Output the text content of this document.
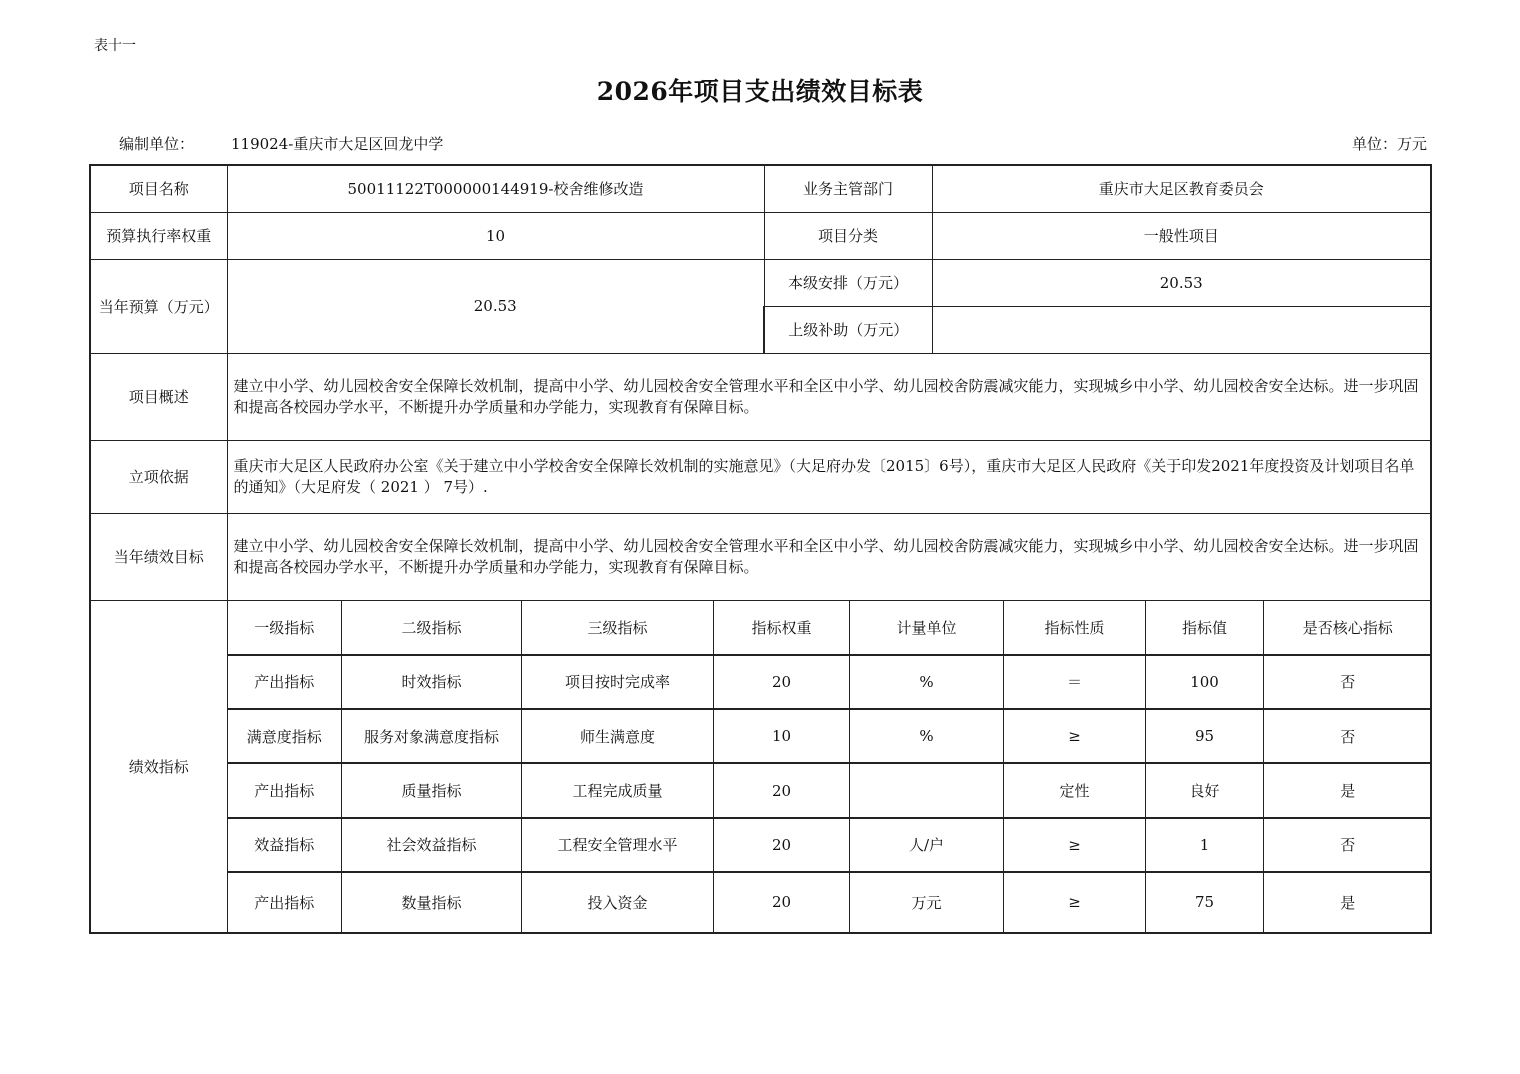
表十一
2026年项目支出绩效目标表
编制单位： 119024-重庆市大足区回龙中学	单位：万元
项目名称	50011122T000000144919-校舍维修改造	业务主管部门	重庆市大足区教育委员会
预算执行率权重	10	项目分类	一般性项目
当年预算（万元）	20.53	本级安排（万元）	20.53
上级补助（万元）	
项目概述	建立中小学、幼儿园校舍安全保障长效机制，提高中小学、幼儿园校舍安全管理水平和全区中小学、幼儿园校舍防震减灾能力，实现城乡中小学、幼儿园校舍安全达标。进一步巩固和提高各校园办学水平，不断提升办学质量和办学能力，实现教育有保障目标。
立项依据	重庆市大足区人民政府办公室《关于建立中小学校舍安全保障长效机制的实施意见》（大足府办发〔2015〕6号），重庆市大足区人民政府《关于印发2021年度投资及计划项目名单的通知》（大足府发（ 2021 ） 7号）.
当年绩效目标	建立中小学、幼儿园校舍安全保障长效机制，提高中小学、幼儿园校舍安全管理水平和全区中小学、幼儿园校舍防震减灾能力，实现城乡中小学、幼儿园校舍安全达标。进一步巩固和提高各校园办学水平，不断提升办学质量和办学能力，实现教育有保障目标。
绩效指标	
一级指标	二级指标	三级指标	指标权重	计量单位	指标性质	指标值	是否核心指标
产出指标	时效指标	项目按时完成率	20	%	＝	100	否
满意度指标	服务对象满意度指标	师生满意度	10	%	≥	95	否
产出指标	质量指标	工程完成质量	20		定性	良好	是
效益指标	社会效益指标	工程安全管理水平	20	人/户	≥	1	否
产出指标	数量指标	投入资金	20	万元	≥	75	是
